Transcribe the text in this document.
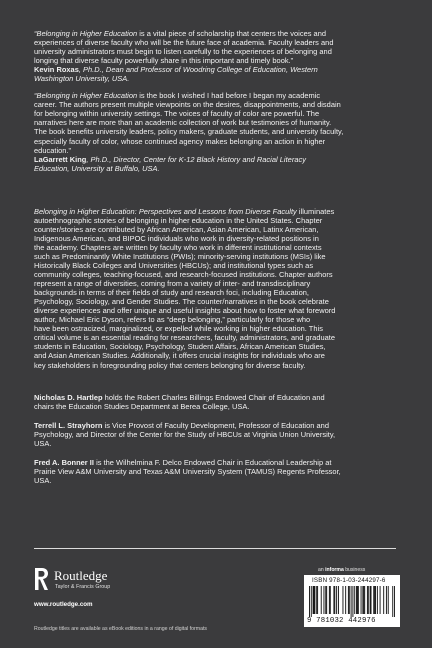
“Belonging in Higher Education is a vital piece of scholarship that centers the voices and

experiences of diverse faculty who will be the future face of academia. Faculty leaders and

university administrators must begin to listen carefully to the experiences of belonging and

longing that diverse faculty powerfully share in this important and timely book.”

Kevin Roxas, Ph.D., Dean and Professor of Woodring College of Education, Western

Washington University, USA.

“Belonging in Higher Education is the book I wished I had before I began my academic

career. The authors present multiple viewpoints on the desires, disappointments, and disdain

for belonging within university settings. The voices of faculty of color are powerful. The

narratives here are more than an academic collection of work but testimonies of humanity.

The book benefits university leaders, policy makers, graduate students, and university faculty,

especially faculty of color, whose continued agency makes belonging an action in higher

education.”

LaGarrett King, Ph.D., Director, Center for K-12 Black History and Racial Literacy

Education, University at Buffalo, USA.

Belonging in Higher Education: Perspectives and Lessons from Diverse Faculty illuminates

autoethnographic stories of belonging in higher education in the United States. Chapter

counter/stories are contributed by African American, Asian American, Latinx American,

Indigenous American, and BIPOC individuals who work in diversity-related positions in

the academy. Chapters are written by faculty who work in different institutional contexts

such as Predominantly White Institutions (PWIs); minority-serving institutions (MSIs) like

Historically Black Colleges and Universities (HBCUs); and institutional types such as

community colleges, teaching-focused, and research-focused institutions. Chapter authors

represent a range of diversities, coming from a variety of inter- and transdisciplinary

backgrounds in terms of their fields of study and research foci, including Education,

Psychology, Sociology, and Gender Studies. The counter/narratives in the book celebrate

diverse experiences and offer unique and useful insights about how to foster what foreword

author, Michael Eric Dyson, refers to as “deep belonging,” particularly for those who

have been ostracized, marginalized, or expelled while working in higher education. This

critical volume is an essential reading for researchers, faculty, administrators, and graduate

students in Education, Sociology, Psychology, Student Affairs, African American Studies,

and Asian American Studies. Additionally, it offers crucial insights for individuals who are

key stakeholders in foregrounding policy that centers belonging for diverse faculty.

Nicholas D. Hartlep holds the Robert Charles Billings Endowed Chair of Education and

chairs the Education Studies Department at Berea College, USA.

Terrell L. Strayhorn is Vice Provost of Faculty Development, Professor of Education and

Psychology, and Director of the Center for the Study of HBCUs at Virginia Union University,

USA.

Fred A. Bonner II is the Wilhelmina F. Delco Endowed Chair in Educational Leadership at

Prairie View A&M University and Texas A&M University System (TAMUS) Regents Professor,

USA.

Routledge
Taylor & Francis Group
www.routledge.com
Routledge titles are available as eBook editions in a range of digital formats
an informa business
ISBN 978-1-03-244297-6
9 781032 442976
